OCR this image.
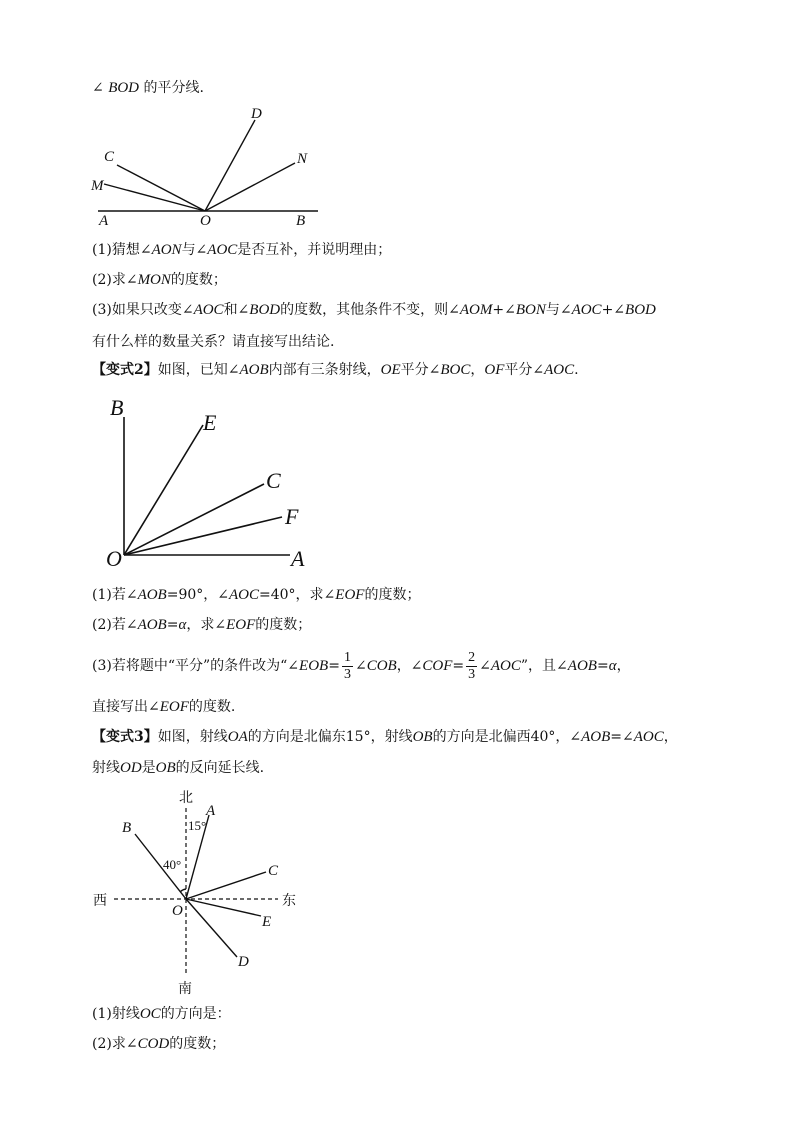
∠ BOD 的平分线.
D
C	N
M
A	O	B
(1)猜想∠AON与∠AOC是否互补，并说明理由；
(2)求∠MON的度数；
(3)如果只改变∠AOC和∠BOD的度数，其他条件不变，则∠AOM+∠BON与∠AOC+∠BOD
有什么样的数量关系？请直接写出结论.
【变式2】如图，已知∠AOB内部有三条射线，OE平分∠BOC，OF平分∠AOC.
B
E
C
F
O	A
(1)若∠AOB=90°，∠AOC=40°，求∠EOF的度数；
(2)若∠AOB=α，求∠EOF的度数；
(3)若将题中“平分”的条件改为“∠EOB= $\frac{1}{3}$ ∠COB，∠COF= $\frac{2}{3}$ ∠AOC”，且∠AOB=α，
直接写出∠EOF的度数.
【变式3】如图，射线OA的方向是北偏东15°，射线OB的方向是北偏西40°，∠AOB=∠AOC，
射线OD是OB的反向延长线.
北
南
西	东
A
B
C
E
D
O
15°
40°
(1)射线OC的方向是：
(2)求∠COD的度数；
